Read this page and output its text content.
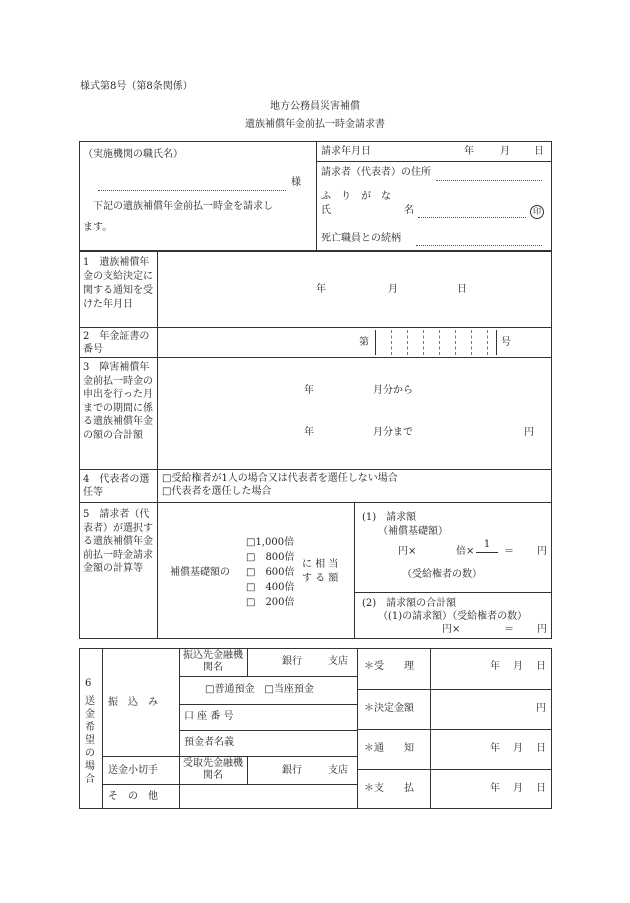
様式第8号（第8条関係）
地方公務員災害補償
遺族補償年金前払一時金請求書
（実施機関の職氏名）
様
下記の遺族補償年金前払一時金を請求し
ます。
請求年月日	年	月 日
請求者（代表者）の住所
ふ　り　が　な
氏	名	印
死亡職員との続柄
1　遺族補償年金の支給決定に関する通知を受けた年月日
年	月	日
2　年金証書の番号
第	号
3　障害補償年金前払一時金の申出を行った月までの期間に係る遺族補償年金の額の合計額
年	月分から
年	月分まで	円
4　代表者の選任等
□受給権者が1人の場合又は代表者を選任しない場合
□代表者を選任した場合
5　請求者（代表者）が選択する遺族補償年金前払一時金請求金額の計算等	補償基礎額の
□1,000倍
□　800倍
□　600倍
□　400倍
□　200倍
に 相 当
す る 額
(1)　請求額
（補償基礎額）
円×	倍×
1
＝ 円
（受給権者の数）
(2)　請求額の合計額
（(1)の請求額）（受給権者の数）
円×	＝ 円
6
送金希望の場合
振　込　み
振込先金融機関名
銀行	支店
□普通預金　□当座預金
口 座 番 号
預金者名義
送金小切手
受取先金融機関名	銀行	支店
そ　の　他
＊受　　理	年 月 日
＊決定金額	円
＊通　　知	年 月 日
＊支　　払	年 月 日
